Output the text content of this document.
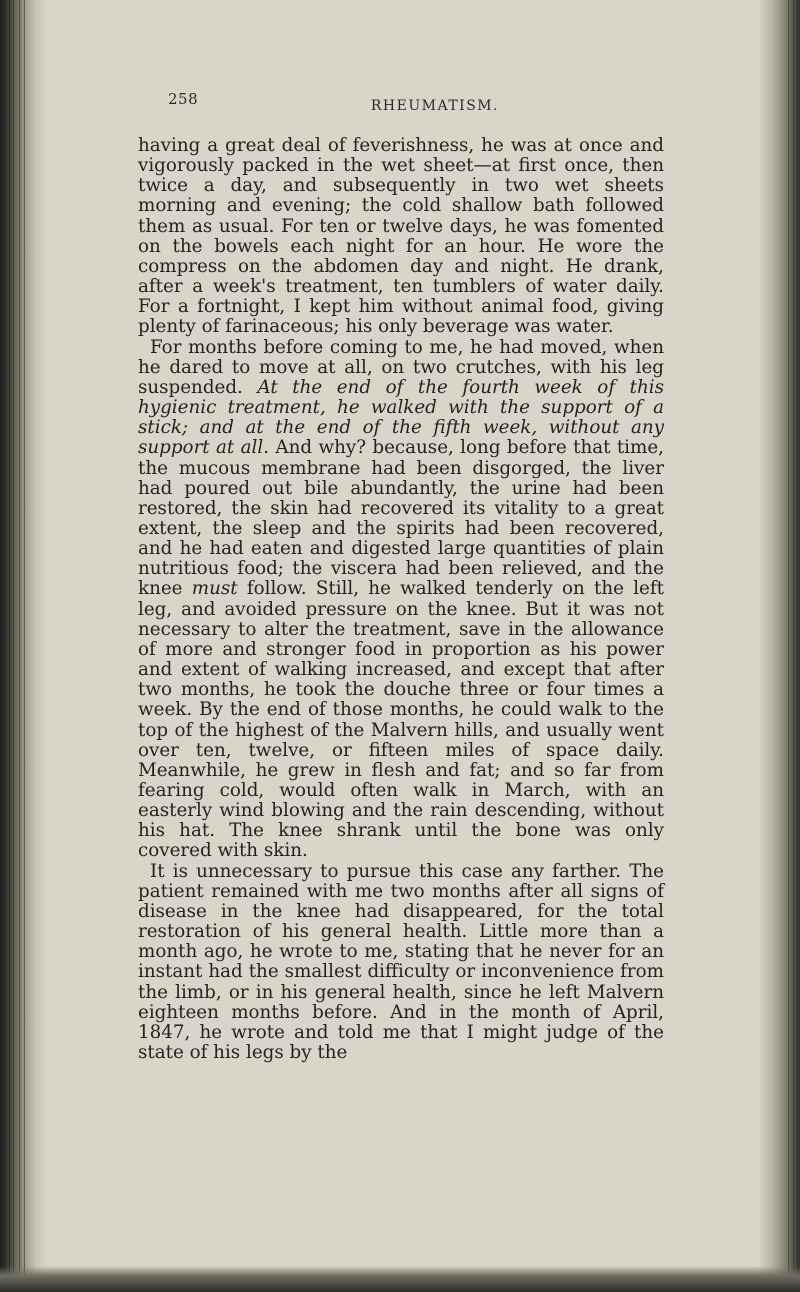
258	RHEUMATISM.

having a great deal of feverishness, he was at once and vigorously packed in the wet sheet—at first once, then twice a day, and subsequently in two wet sheets morning and evening; the cold shallow bath followed them as usual. For ten or twelve days, he was fomented on the bowels each night for an hour. He wore the compress on the abdomen day and night. He drank, after a week's treatment, ten tumblers of water daily. For a fortnight, I kept him without animal food, giving plenty of farinaceous; his only beverage was water.

For months before coming to me, he had moved, when he dared to move at all, on two crutches, with his leg suspended. At the end of the fourth week of this hygienic treatment, he walked with the support of a stick; and at the end of the fifth week, without any support at all. And why? because, long before that time, the mucous membrane had been disgorged, the liver had poured out bile abundantly, the urine had been restored, the skin had recovered its vitality to a great extent, the sleep and the spirits had been recovered, and he had eaten and digested large quantities of plain nutritious food; the viscera had been relieved, and the knee must follow. Still, he walked tenderly on the left leg, and avoided pressure on the knee. But it was not necessary to alter the treatment, save in the allowance of more and stronger food in proportion as his power and extent of walking increased, and except that after two months, he took the douche three or four times a week. By the end of those months, he could walk to the top of the highest of the Malvern hills, and usually went over ten, twelve, or fifteen miles of space daily. Meanwhile, he grew in flesh and fat; and so far from fearing cold, would often walk in March, with an easterly wind blowing and the rain descending, without his hat. The knee shrank until the bone was only covered with skin.

It is unnecessary to pursue this case any farther. The patient remained with me two months after all signs of disease in the knee had disappeared, for the total restoration of his general health. Little more than a month ago, he wrote to me, stating that he never for an instant had the smallest difficulty or inconvenience from the limb, or in his general health, since he left Malvern eighteen months before. And in the month of April, 1847, he wrote and told me that I might judge of the state of his legs by the
